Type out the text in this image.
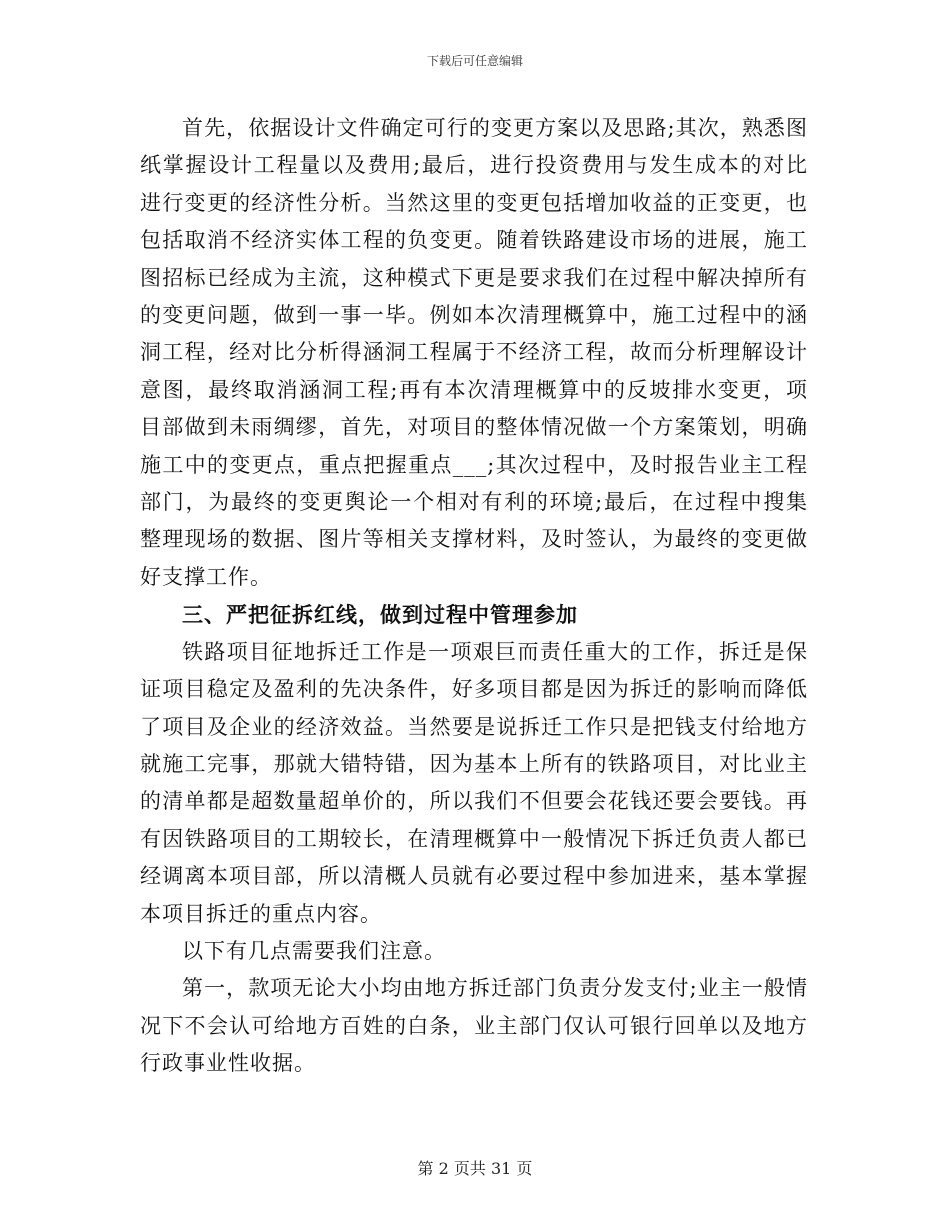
下载后可任意编辑

首先，依据设计文件确定可行的变更方案以及思路;其次，熟悉图纸掌握设计工程量以及费用;最后，进行投资费用与发生成本的对比进行变更的经济性分析。当然这里的变更包括增加收益的正变更，也包括取消不经济实体工程的负变更。随着铁路建设市场的进展，施工图招标已经成为主流，这种模式下更是要求我们在过程中解决掉所有的变更问题，做到一事一毕。例如本次清理概算中，施工过程中的涵洞工程，经对比分析得涵洞工程属于不经济工程，故而分析理解设计意图，最终取消涵洞工程;再有本次清理概算中的反坡排水变更，项目部做到未雨绸缪，首先，对项目的整体情况做一个方案策划，明确施工中的变更点，重点把握重点___;其次过程中，及时报告业主工程部门，为最终的变更舆论一个相对有利的环境;最后，在过程中搜集整理现场的数据、图片等相关支撑材料，及时签认，为最终的变更做好支撑工作。

三、严把征拆红线，做到过程中管理参加

铁路项目征地拆迁工作是一项艰巨而责任重大的工作，拆迁是保证项目稳定及盈利的先决条件，好多项目都是因为拆迁的影响而降低了项目及企业的经济效益。当然要是说拆迁工作只是把钱支付给地方就施工完事，那就大错特错，因为基本上所有的铁路项目，对比业主的清单都是超数量超单价的，所以我们不但要会花钱还要会要钱。再有因铁路项目的工期较长，在清理概算中一般情况下拆迁负责人都已经调离本项目部，所以清概人员就有必要过程中参加进来，基本掌握本项目拆迁的重点内容。

以下有几点需要我们注意。

第一，款项无论大小均由地方拆迁部门负责分发支付;业主一般情况下不会认可给地方百姓的白条，业主部门仅认可银行回单以及地方行政事业性收据。

第 2 页共 31 页
